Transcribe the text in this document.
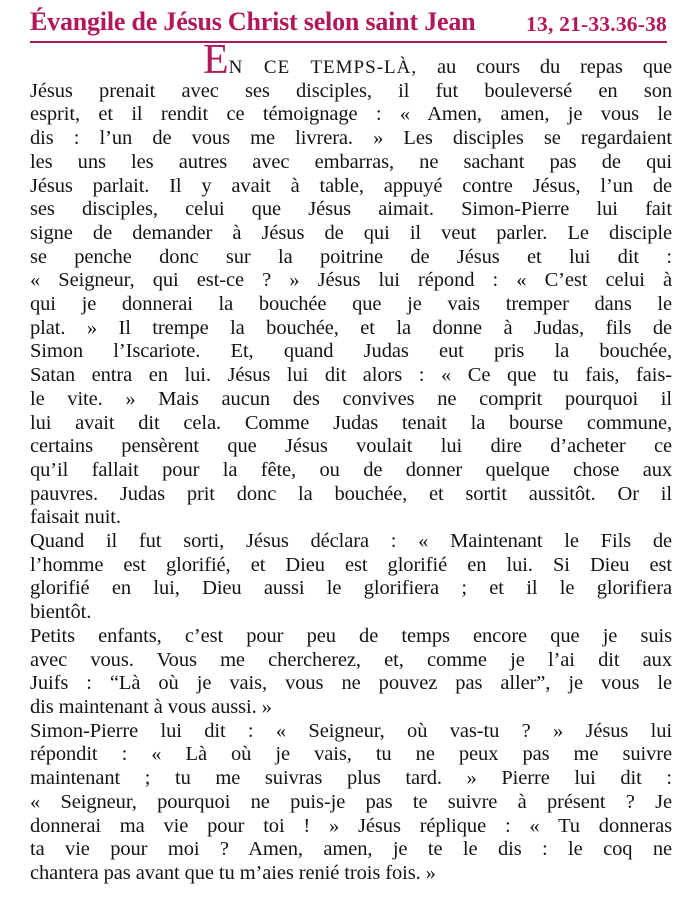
Évangile de Jésus Christ selon saint Jean 13, 21-33.36-38
EN CE TEMPS-LÀ, au cours du repas que
Jésus prenait avec ses disciples, il fut bouleversé en son
esprit, et il rendit ce témoignage : « Amen, amen, je vous le
dis : l’un de vous me livrera. » Les disciples se regardaient
les uns les autres avec embarras, ne sachant pas de qui
Jésus parlait. Il y avait à table, appuyé contre Jésus, l’un de
ses disciples, celui que Jésus aimait. Simon-Pierre lui fait
signe de demander à Jésus de qui il veut parler. Le disciple
se penche donc sur la poitrine de Jésus et lui dit :
« Seigneur, qui est-ce ? » Jésus lui répond : « C’est celui à
qui je donnerai la bouchée que je vais tremper dans le
plat. » Il trempe la bouchée, et la donne à Judas, fils de
Simon l’Iscariote. Et, quand Judas eut pris la bouchée,
Satan entra en lui. Jésus lui dit alors : « Ce que tu fais, fais-
le vite. » Mais aucun des convives ne comprit pourquoi il
lui avait dit cela. Comme Judas tenait la bourse commune,
certains pensèrent que Jésus voulait lui dire d’acheter ce
qu’il fallait pour la fête, ou de donner quelque chose aux
pauvres. Judas prit donc la bouchée, et sortit aussitôt. Or il
faisait nuit.
Quand il fut sorti, Jésus déclara : « Maintenant le Fils de
l’homme est glorifié, et Dieu est glorifié en lui. Si Dieu est
glorifié en lui, Dieu aussi le glorifiera ; et il le glorifiera
bientôt.
Petits enfants, c’est pour peu de temps encore que je suis
avec vous. Vous me chercherez, et, comme je l’ai dit aux
Juifs : “Là où je vais, vous ne pouvez pas aller”, je vous le
dis maintenant à vous aussi. »
Simon-Pierre lui dit : « Seigneur, où vas-tu ? » Jésus lui
répondit : « Là où je vais, tu ne peux pas me suivre
maintenant ; tu me suivras plus tard. » Pierre lui dit :
« Seigneur, pourquoi ne puis-je pas te suivre à présent ? Je
donnerai ma vie pour toi ! » Jésus réplique : « Tu donneras
ta vie pour moi ? Amen, amen, je te le dis : le coq ne
chantera pas avant que tu m’aies renié trois fois. »
